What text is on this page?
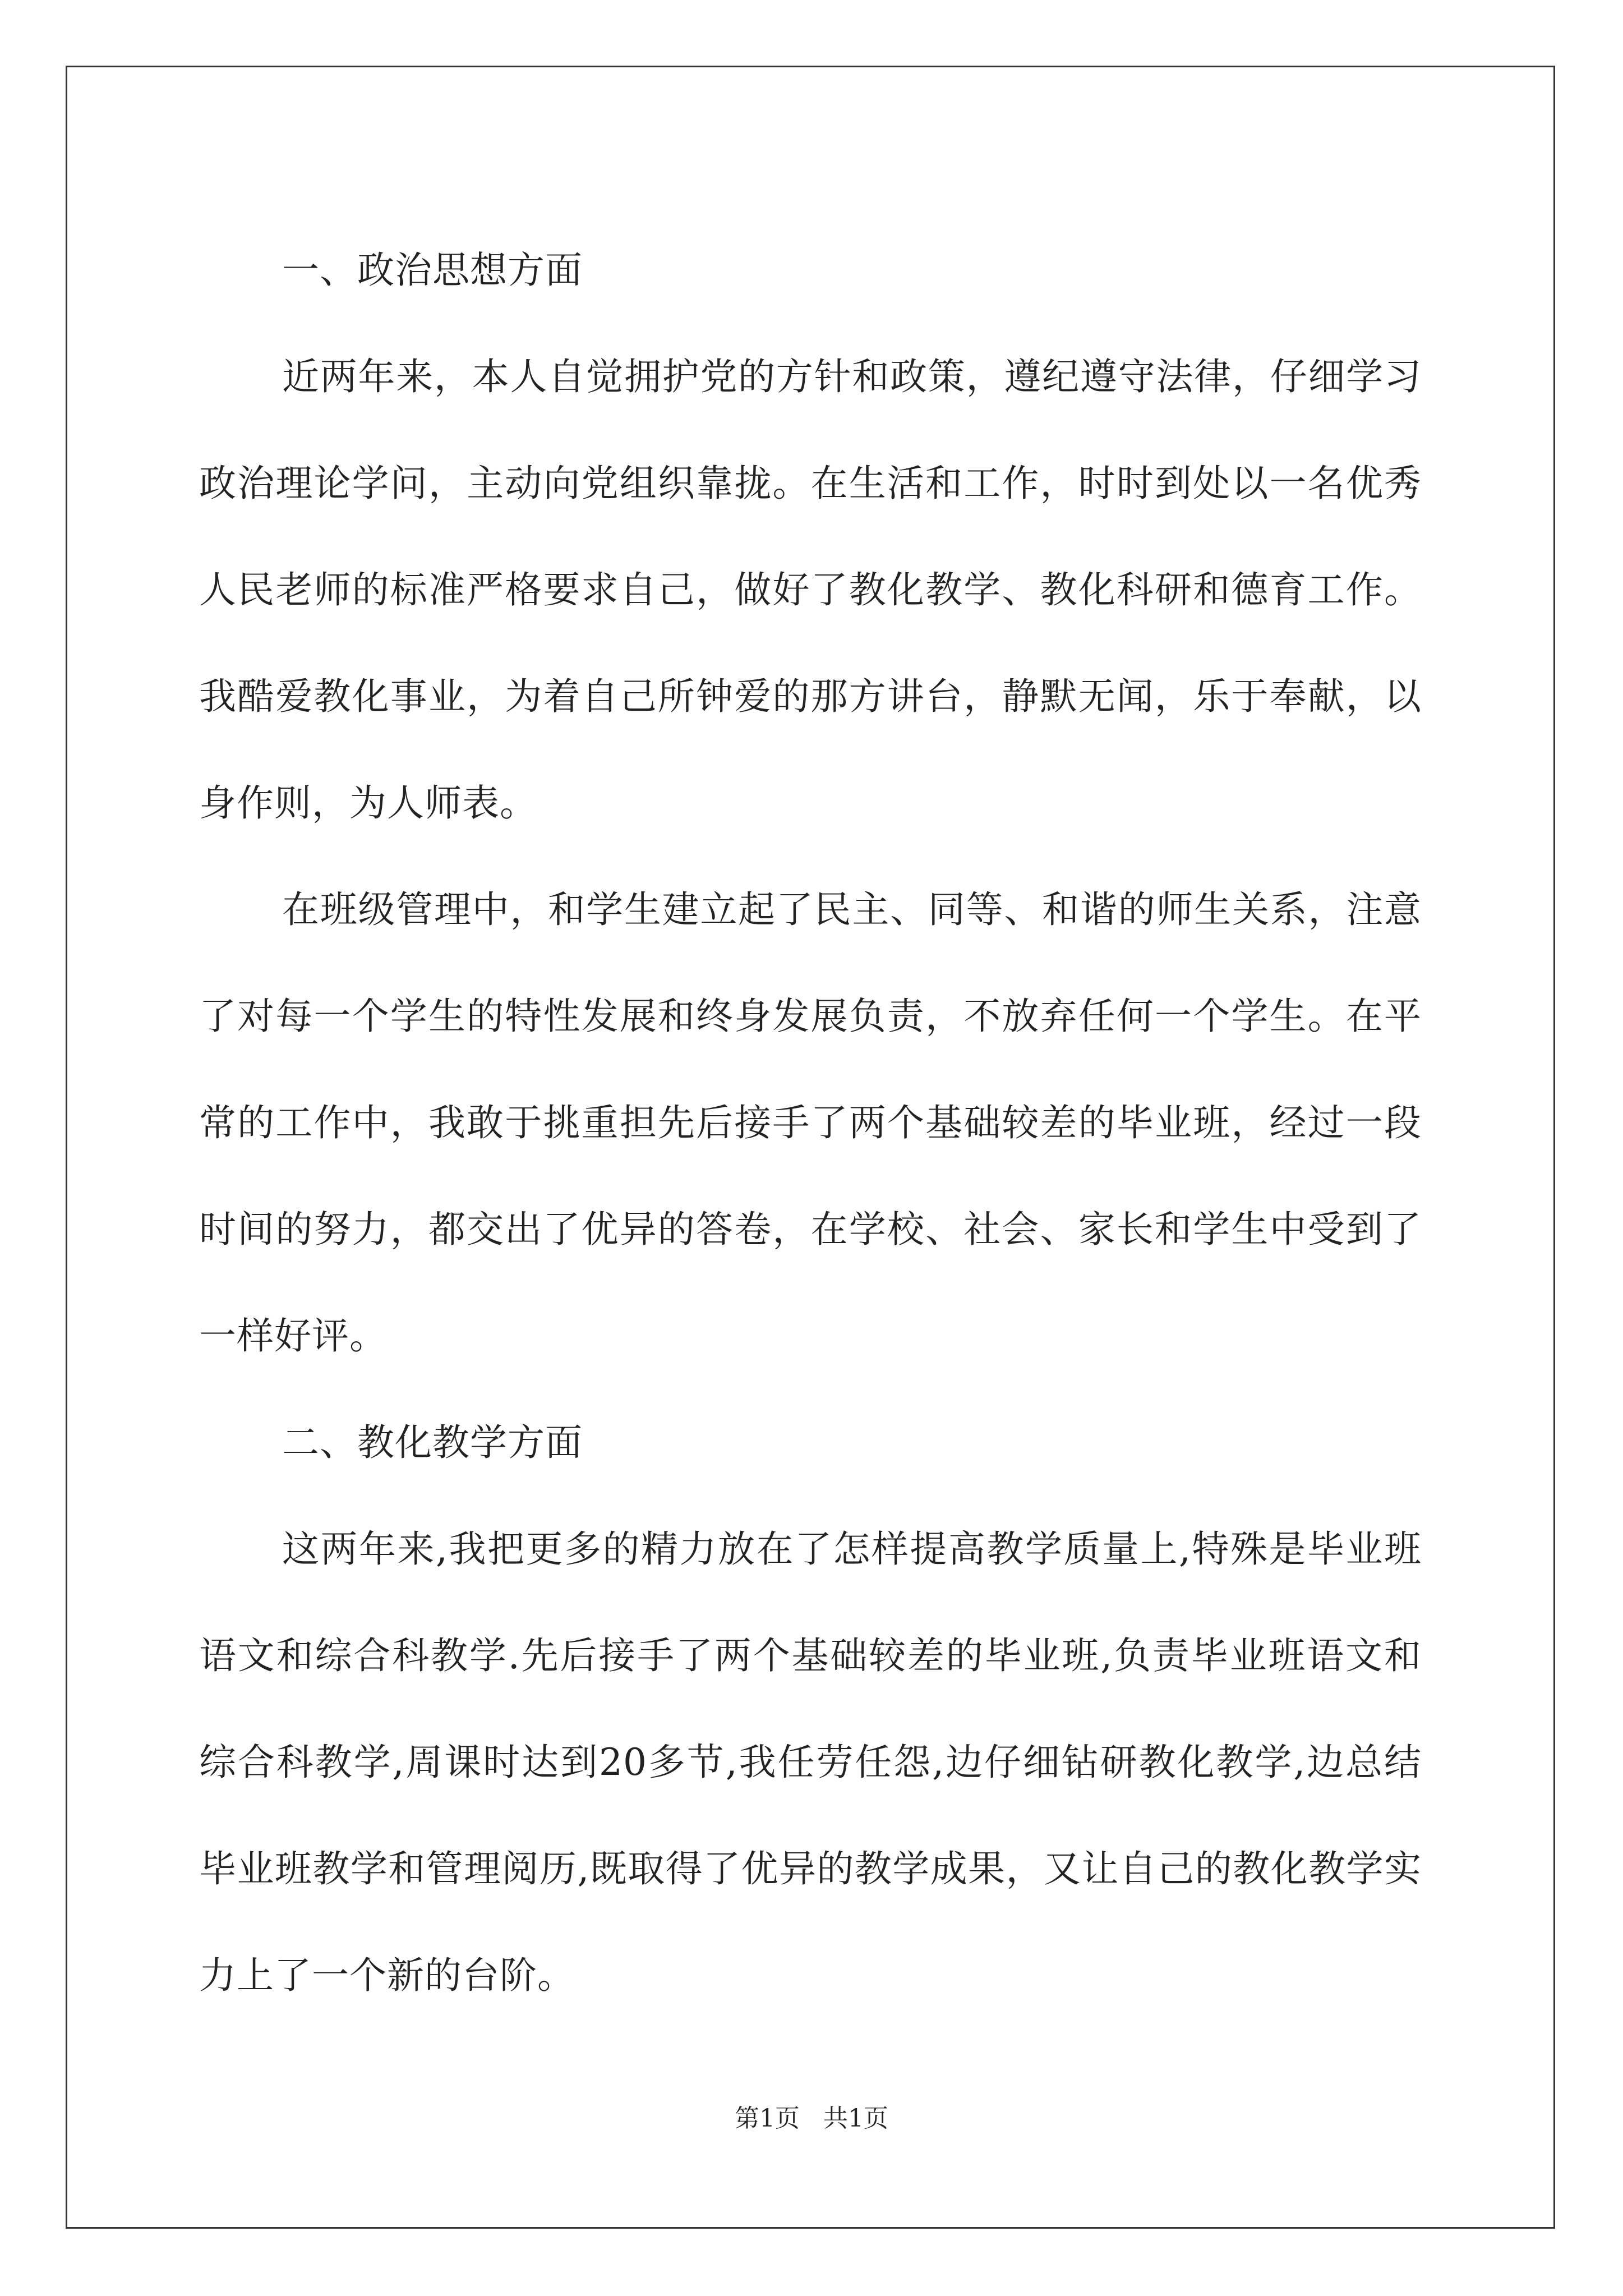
一、政治思想方面

近两年来，本人自觉拥护党的方针和政策，遵纪遵守法律，仔细学习政治理论学问，主动向党组织靠拢。在生活和工作，时时到处以一名优秀人民老师的标准严格要求自己，做好了教化教学、教化科研和德育工作。我酷爱教化事业，为着自己所钟爱的那方讲台，静默无闻，乐于奉献，以身作则，为人师表。

在班级管理中，和学生建立起了民主、同等、和谐的师生关系，注意了对每一个学生的特性发展和终身发展负责，不放弃任何一个学生。在平常的工作中，我敢于挑重担先后接手了两个基础较差的毕业班，经过一段时间的努力，都交出了优异的答卷，在学校、社会、家长和学生中受到了一样好评。

二、教化教学方面

这两年来,我把更多的精力放在了怎样提高教学质量上,特殊是毕业班语文和综合科教学.先后接手了两个基础较差的毕业班,负责毕业班语文和综合科教学,周课时达到20多节,我任劳任怨,边仔细钻研教化教学,边总结毕业班教学和管理阅历,既取得了优异的教学成果，又让自己的教化教学实力上了一个新的台阶。

第1页   共1页
